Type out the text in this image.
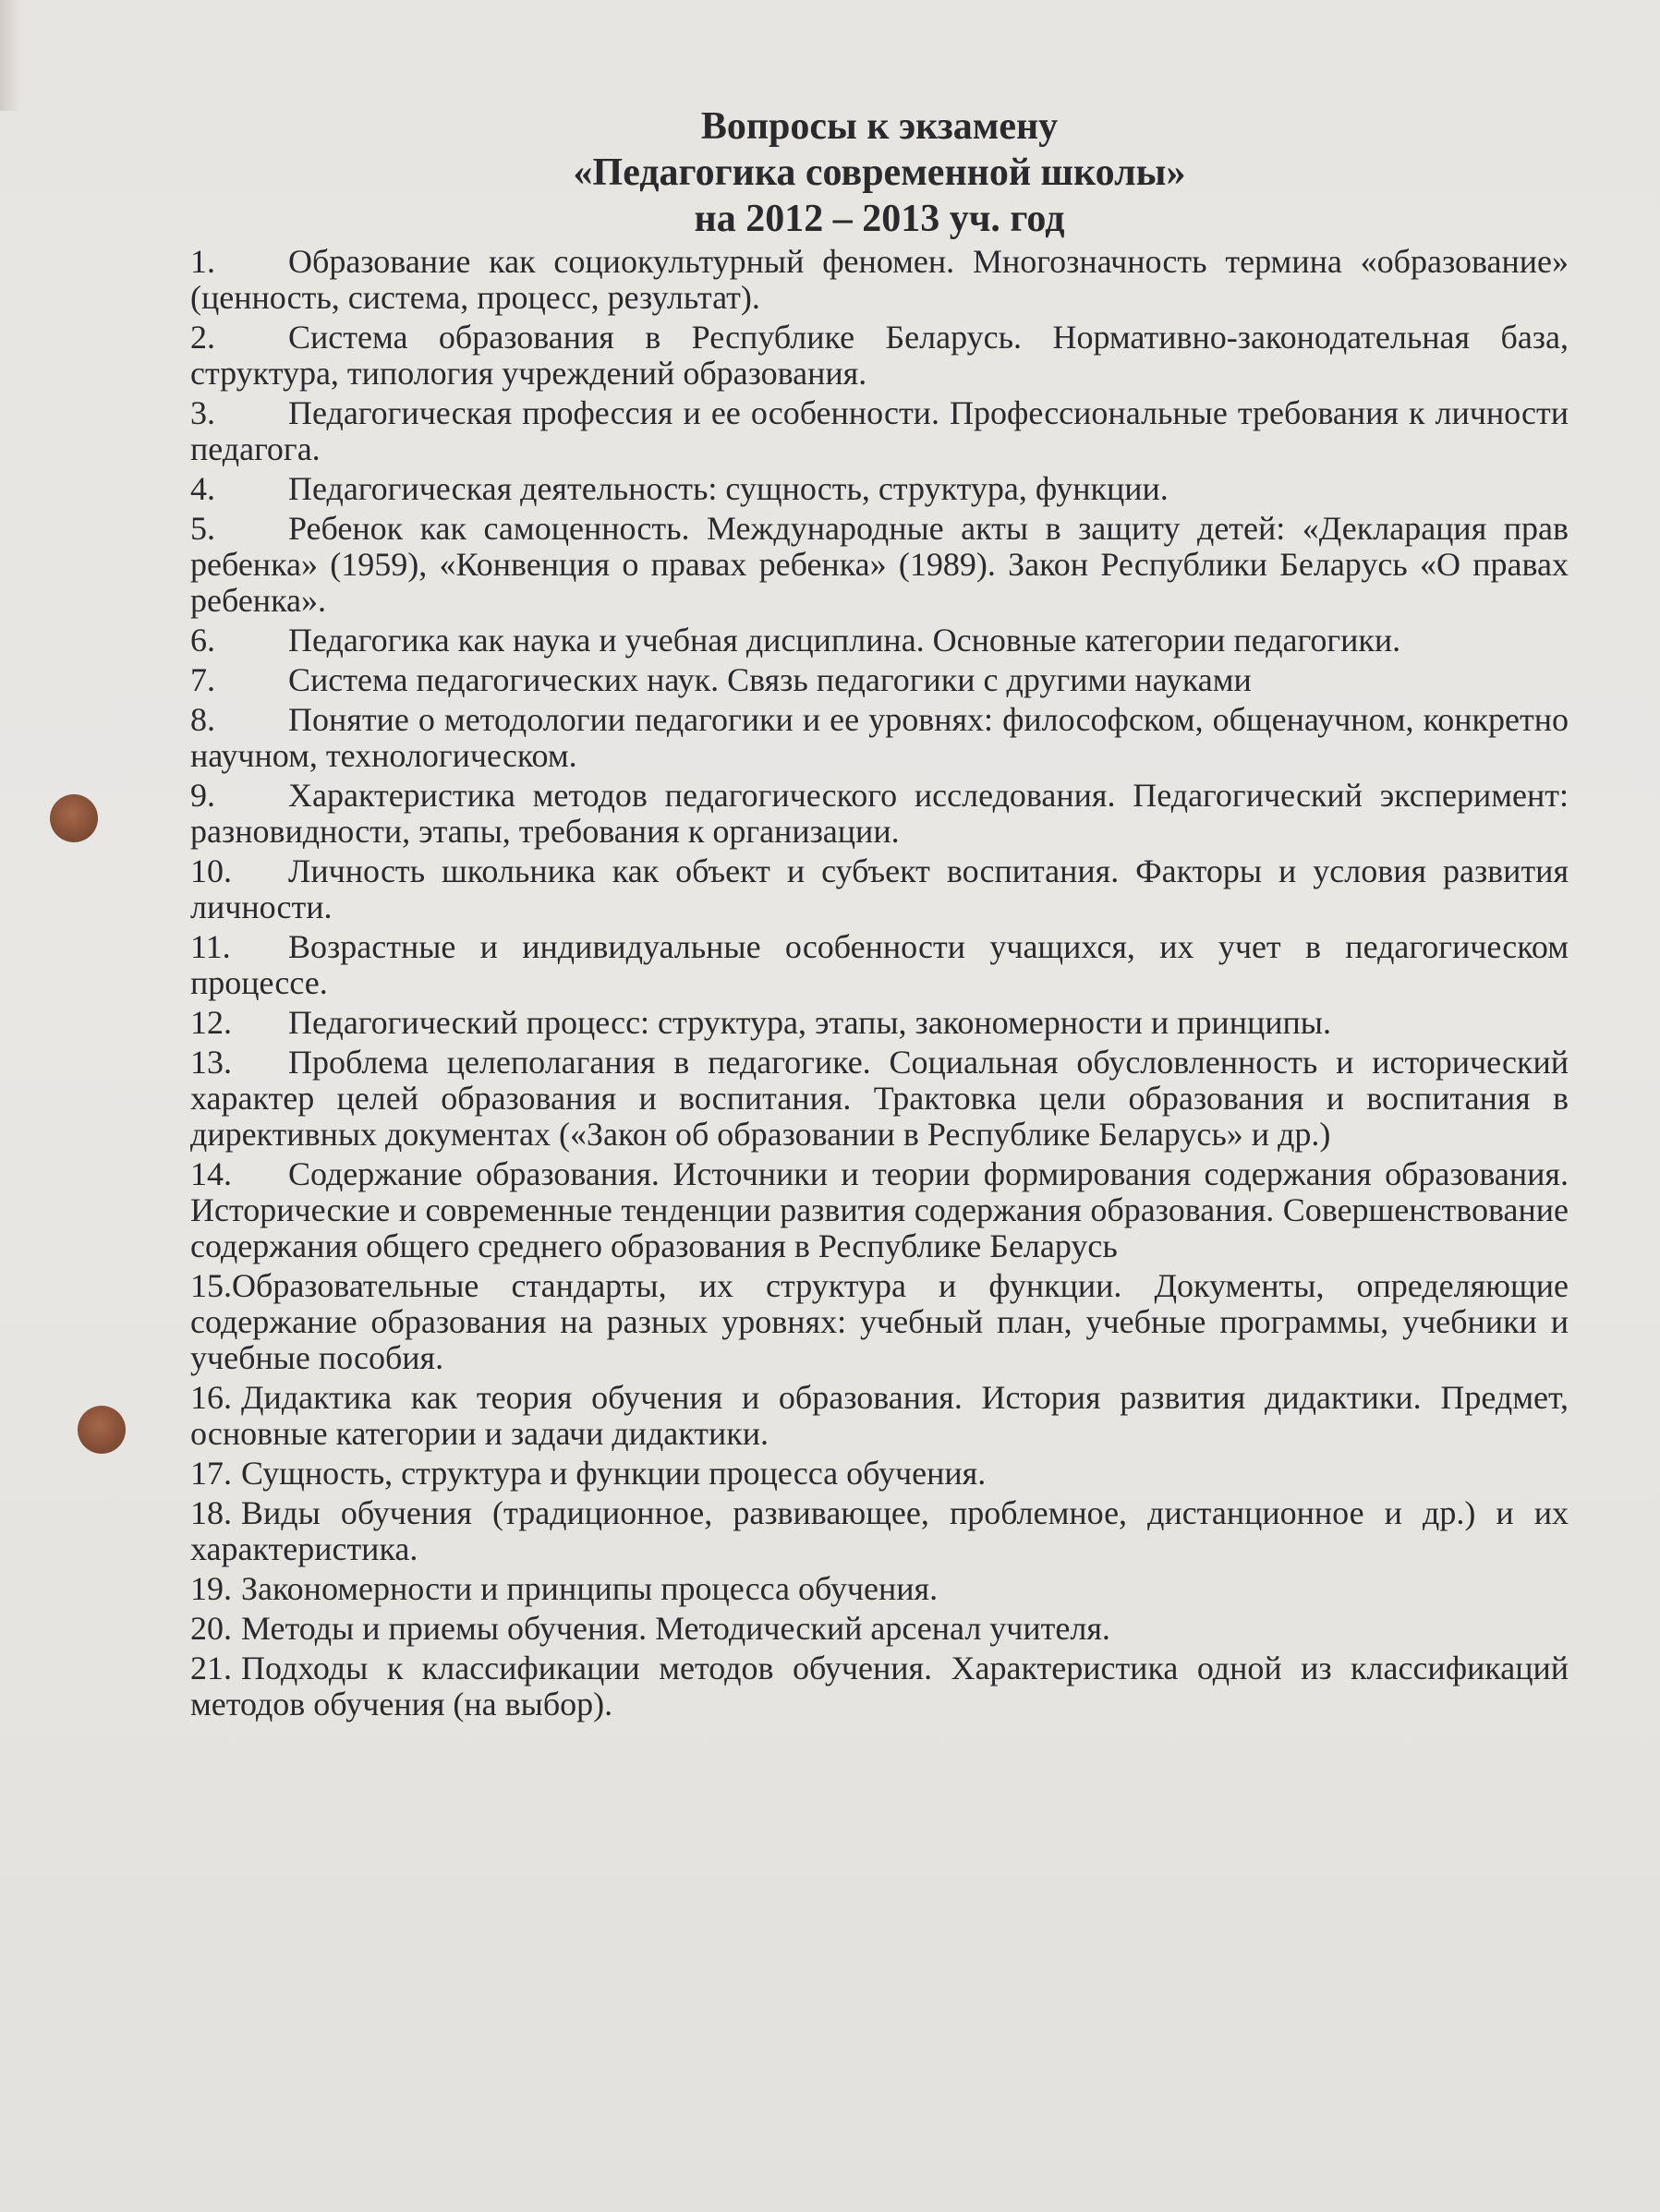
Вопросы к экзамену
«Педагогика современной школы»
на 2012 – 2013 уч. год
1. Образование как социокультурный феномен. Многозначность термина «образование» (ценность, система, процесс, результат).
2. Система образования в Республике Беларусь. Нормативно-законодательная база, структура, типология учреждений образования.
3. Педагогическая профессия и ее особенности. Профессиональные требования к личности педагога.
4. Педагогическая деятельность: сущность, структура, функции.
5. Ребенок как самоценность. Международные акты в защиту детей: «Декларация прав ребенка» (1959), «Конвенция о правах ребенка» (1989). Закон Республики Беларусь «О правах ребенка».
6. Педагогика как наука и учебная дисциплина. Основные категории педагогики.
7. Система педагогических наук. Связь педагогики с другими науками
8. Понятие о методологии педагогики и ее уровнях: философском, общенаучном, конкретно научном, технологическом.
9. Характеристика методов педагогического исследования. Педагогический эксперимент: разновидности, этапы, требования к организации.
10. Личность школьника как объект и субъект воспитания. Факторы и условия развития личности.
11. Возрастные и индивидуальные особенности учащихся, их учет в педагогическом процессе.
12. Педагогический процесс: структура, этапы, закономерности и принципы.
13. Проблема целеполагания в педагогике. Социальная обусловленность и исторический характер целей образования и воспитания. Трактовка цели образования и воспитания в директивных документах («Закон об образовании в Республике Беларусь» и др.)
14. Содержание образования. Источники и теории формирования содержания образования. Исторические и современные тенденции развития содержания образования. Совершенствование содержания общего среднего образования в Республике Беларусь
15.Образовательные стандарты, их структура и функции. Документы, определяющие содержание образования на разных уровнях: учебный план, учебные программы, учебники и учебные пособия.
16. Дидактика как теория обучения и образования. История развития дидактики. Предмет, основные категории и задачи дидактики.
17. Сущность, структура и функции процесса обучения.
18. Виды обучения (традиционное, развивающее, проблемное, дистанционное и др.) и их характеристика.
19. Закономерности и принципы процесса обучения.
20. Методы и приемы обучения. Методический арсенал учителя.
21. Подходы к классификации методов обучения. Характеристика одной из классификаций методов обучения (на выбор).
